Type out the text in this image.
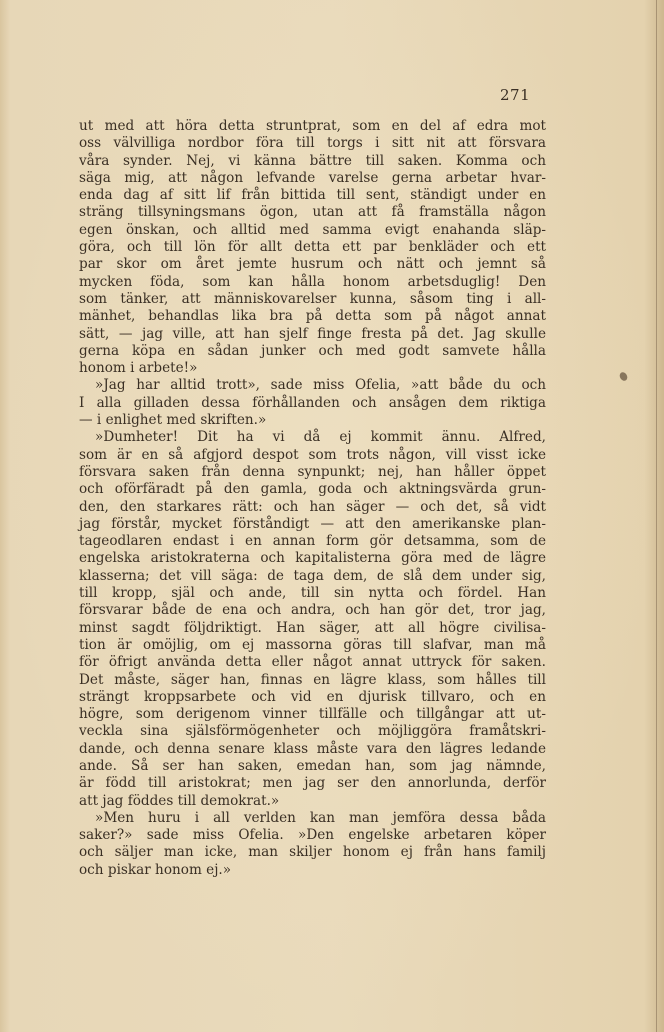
271
ut med att höra detta struntprat, som en del af edra mot
oss välvilliga nordbor föra till torgs i sitt nit att försvara
våra synder. Nej, vi känna bättre till saken. Komma och
säga mig, att någon lefvande varelse gerna arbetar hvar-
enda dag af sitt lif från bittida till sent, ständigt under en
sträng tillsyningsmans ögon, utan att få framställa någon
egen önskan, och alltid med samma evigt enahanda släp-
göra, och till lön för allt detta ett par benkläder och ett
par skor om året jemte husrum och nätt och jemnt så
mycken föda, som kan hålla honom arbetsduglig! Den
som tänker, att människovarelser kunna, såsom ting i all-
mänhet, behandlas lika bra på detta som på något annat
sätt, — jag ville, att han sjelf finge fresta på det. Jag skulle
gerna köpa en sådan junker och med godt samvete hålla
honom i arbete!»
»Jag har alltid trott», sade miss Ofelia, »att både du och
I alla gilladen dessa förhållanden och ansågen dem riktiga
— i enlighet med skriften.»
»Dumheter! Dit ha vi då ej kommit ännu. Alfred,
som är en så afgjord despot som trots någon, vill visst icke
försvara saken från denna synpunkt; nej, han håller öppet
och oförfäradt på den gamla, goda och aktningsvärda grun-
den, den starkares rätt: och han säger — och det, så vidt
jag förstår, mycket förståndigt — att den amerikanske plan-
tageodlaren endast i en annan form gör detsamma, som de
engelska aristokraterna och kapitalisterna göra med de lägre
klasserna; det vill säga: de taga dem, de slå dem under sig,
till kropp, själ och ande, till sin nytta och fördel. Han
försvarar både de ena och andra, och han gör det, tror jag,
minst sagdt följdriktigt. Han säger, att all högre civilisa-
tion är omöjlig, om ej massorna göras till slafvar, man må
för öfrigt använda detta eller något annat uttryck för saken.
Det måste, säger han, finnas en lägre klass, som hålles till
strängt kroppsarbete och vid en djurisk tillvaro, och en
högre, som derigenom vinner tillfälle och tillgångar att ut-
veckla sina själsförmögenheter och möjliggöra framåtskri-
dande, och denna senare klass måste vara den lägres ledande
ande. Så ser han saken, emedan han, som jag nämnde,
är född till aristokrat; men jag ser den annorlunda, derför
att jag föddes till demokrat.»
»Men huru i all verlden kan man jemföra dessa båda
saker?» sade miss Ofelia. »Den engelske arbetaren köper
och säljer man icke, man skiljer honom ej från hans familj
och piskar honom ej.»
